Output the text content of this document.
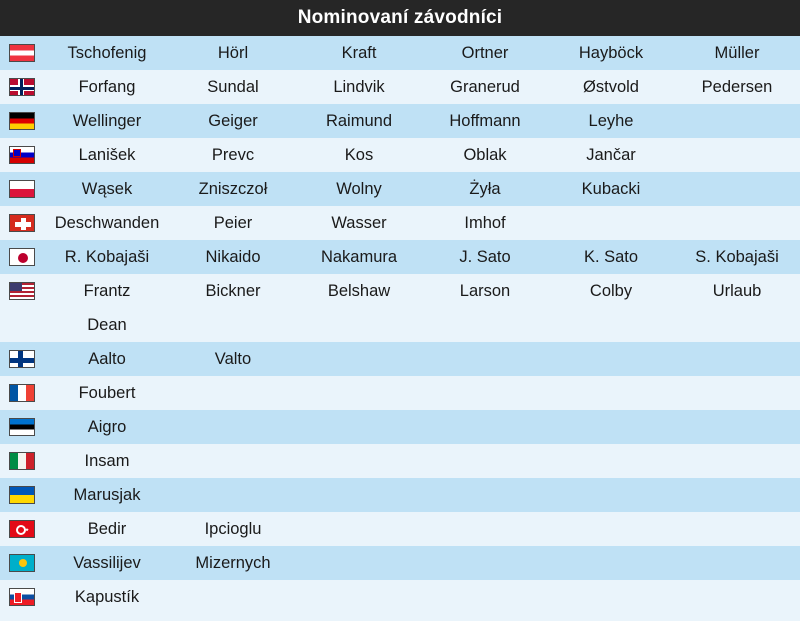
Nominovaní závodníci
	Tschofenig	Hörl	Kraft	Ortner	Hayböck	Müller

	Forfang	Sundal	Lindvik	Granerud	Østvold	Pedersen
	Wellinger	Geiger	Raimund	Hoffmann	Leyhe	

	Lanišek	Prevc	Kos	Oblak	Jančar	
	Wąsek	Zniszczoł	Wolny	Żyła	Kubacki	

	Deschwanden	Peier	Wasser	Imhof		

	R. Kobajaši	Nikaido	Nakamura	J. Sato	K. Sato	S. Kobajaši

	Frantz	Bickner	Belshaw	Larson	Colby	Urlaub
	Dean					

	Aalto	Valto				
	Foubert					
	Aigro					
	Insam					
	Marusjak					

	Bedir	Ipcioglu				

	Vassilijev	Mizernych				

	Kapustík					
